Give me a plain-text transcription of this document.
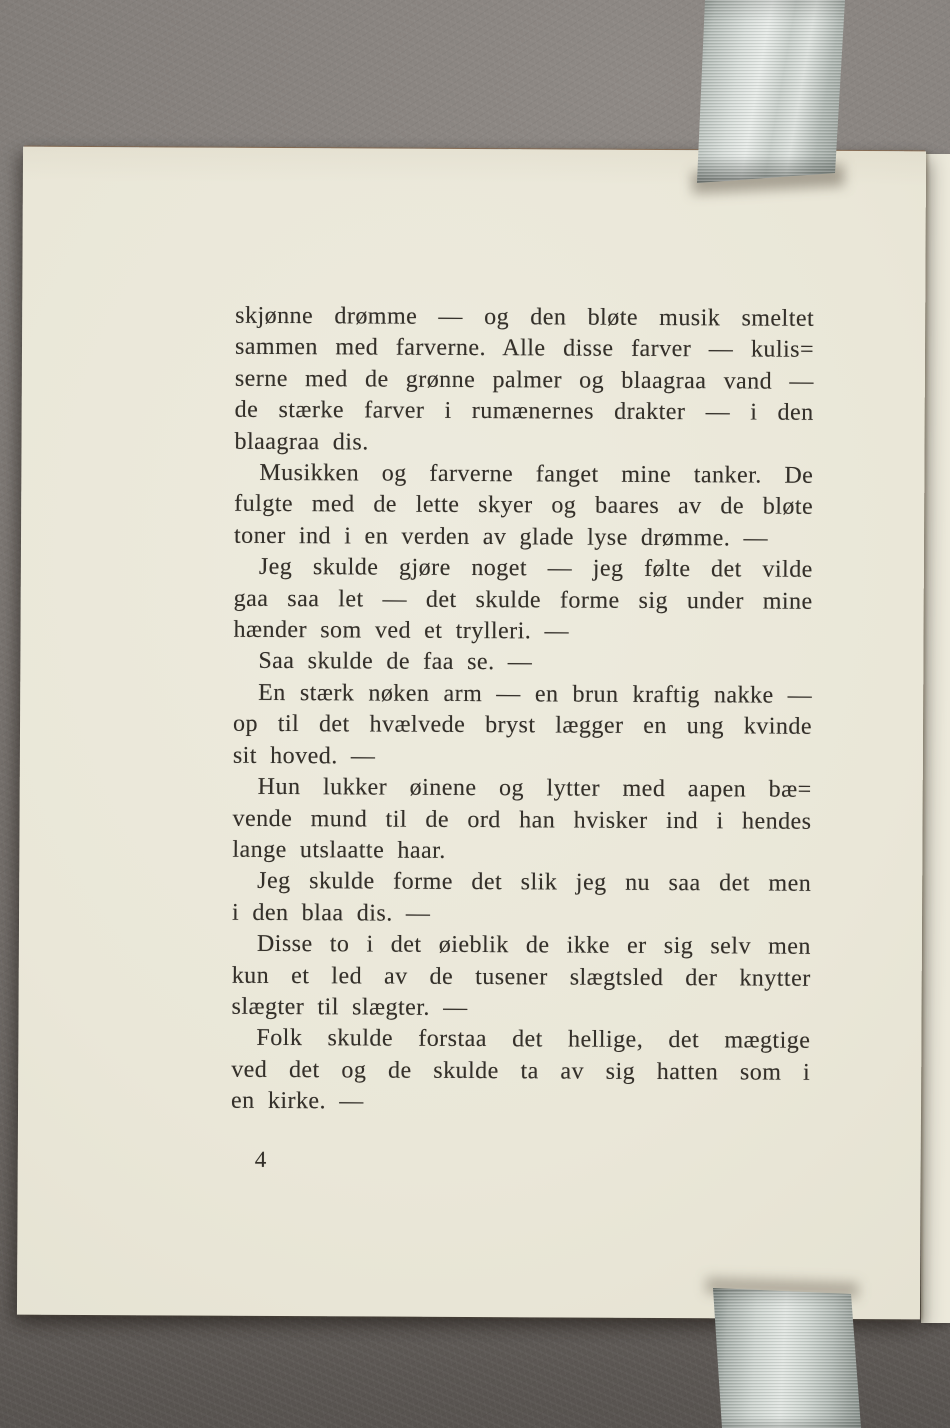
skjønne drømme — og den bløte musik smeltet
sammen med farverne. Alle disse farver — kulis=
serne med de grønne palmer og blaagraa vand —
de stærke farver i rumænernes drakter — i den
blaagraa dis.
Musikken og farverne fanget mine tanker. De
fulgte med de lette skyer og baares av de bløte
toner ind i en verden av glade lyse drømme. —
Jeg skulde gjøre noget — jeg følte det vilde
gaa saa let — det skulde forme sig under mine
hænder som ved et trylleri. —
Saa skulde de faa se. —
En stærk nøken arm — en brun kraftig nakke —
op til det hvælvede bryst lægger en ung kvinde
sit hoved. —
Hun lukker øinene og lytter med aapen bæ=
vende mund til de ord han hvisker ind i hendes
lange utslaatte haar.
Jeg skulde forme det slik jeg nu saa det men
i den blaa dis. —
Disse to i det øieblik de ikke er sig selv men
kun et led av de tusener slægtsled der knytter
slægter til slægter. —
Folk skulde forstaa det hellige, det mægtige
ved det og de skulde ta av sig hatten som i
en kirke. —
4
